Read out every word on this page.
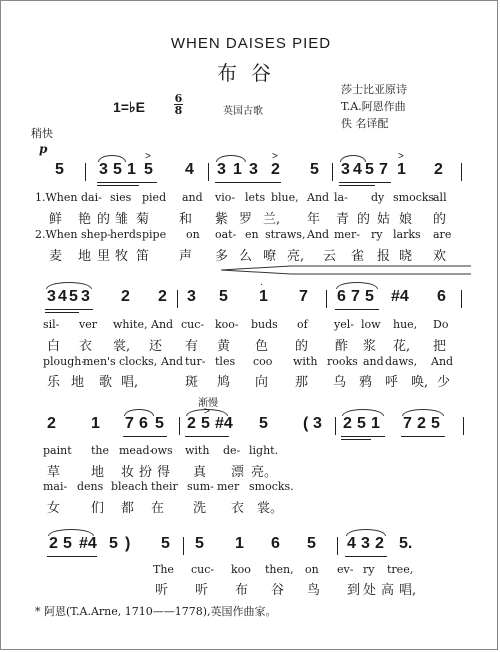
WHEN DAISES PIED
布谷
1=♭E
6
8	英国古歌
莎士比亚原诗
T.A.阿恩作曲
佚 名译配
稍快
p
渐慢
5 3 5 1 5 4 3 1 3 2 5 3 4 5 7 1 2
>	>	>
1.When dai- sies pied and vio- lets blue, And la- dy smocks
all
鲜 艳 的 雏 菊 和 紫 罗 兰, 年 青 的 姑 娘 的
2.When shep- herds pipe on oat- en straws, And mer- ry larks are
麦 地 里 牧 笛 声 多 么 嘹 亮, 云 雀 报 晓 欢
3 4 5 3 2 2 3 5 1 7 6 7 5 #4 6
·
sil- ver white, And cuc- koo- buds of yel- low hue, Do
白 衣 裳, 还 有 黄 色 的 酢 浆 花, 把
plough-
men's clocks, And tur- tles coo with rooks and daws, And
乐 地 歌 唱,	斑 鸠 向 那 乌 鸦 呼 唤, 少
2 1 7 6 5 2 5 #4 5 ( 3 2 5 1 7 2 5
>
paint the mead-
ows with de- light.
草 地 妆 扮 得 真 漂 亮。
mai- dens bleach their sum- mer smocks.
女 们 都 在 洗 衣 裳。
2 5 #4 5 ) 5 5 1 6 5 4 3 2 5.
The cuc- koo then, on ev- ry tree,
听 听 布 谷 鸟 到 处 高 唱,
* 阿恩(T.A.Arne, 1710——1778),英国作曲家。
